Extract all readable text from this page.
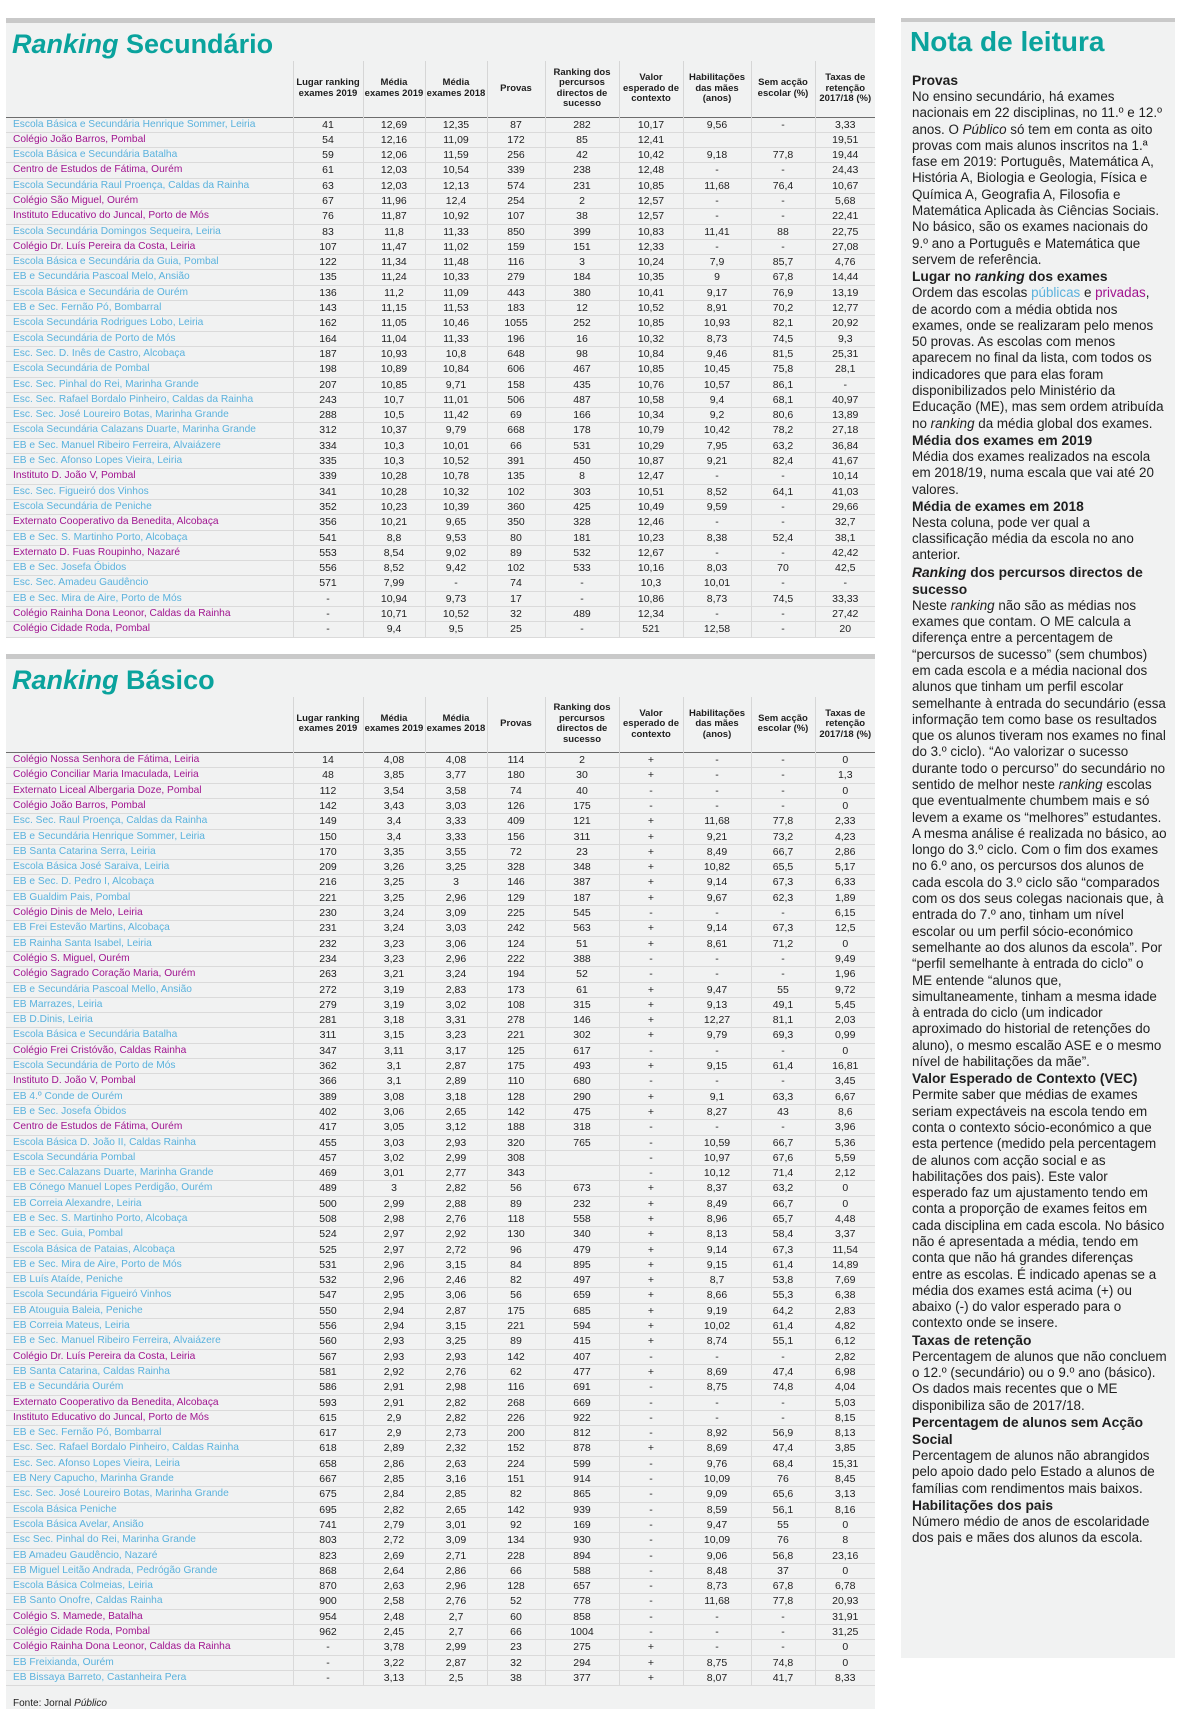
Ranking Secundário
	Lugar ranking exames 2019	Média exames 2019	Média exames 2018	Provas	Ranking dos percursos directos de sucesso	Valor esperado de contexto	Habilitações das mães (anos)	Sem acção escolar (%)	Taxas de retenção 2017/18 (%)
Escola Básica e Secundária Henrique Sommer, Leiria	41	12,69	12,35	87	282	10,17	9,56	-	3,33
Colégio João Barros, Pombal	54	12,16	11,09	172	85	12,41			19,51
Escola Básica e Secundária Batalha	59	12,06	11,59	256	42	10,42	9,18	77,8	19,44
Centro de Estudos de Fátima, Ourém	61	12,03	10,54	339	238	12,48	-	-	24,43
Escola Secundária Raul Proença, Caldas da Rainha	63	12,03	12,13	574	231	10,85	11,68	76,4	10,67
Colégio São Miguel, Ourém	67	11,96	12,4	254	2	12,57	-	-	5,68
Instituto Educativo do Juncal, Porto de Mós	76	11,87	10,92	107	38	12,57	-	-	22,41
Escola Secundária Domingos Sequeira, Leiria	83	11,8	11,33	850	399	10,83	11,41	88	22,75
Colégio Dr. Luís Pereira da Costa, Leiria	107	11,47	11,02	159	151	12,33	-	-	27,08
Escola Básica e Secundária da Guia, Pombal	122	11,34	11,48	116	3	10,24	7,9	85,7	4,76
EB e Secundária Pascoal Melo, Ansião	135	11,24	10,33	279	184	10,35	9	67,8	14,44
Escola Básica e Secundária de Ourém	136	11,2	11,09	443	380	10,41	9,17	76,9	13,19
EB e Sec. Fernão Pó, Bombarral	143	11,15	11,53	183	12	10,52	8,91	70,2	12,77
Escola Secundária Rodrigues Lobo, Leiria	162	11,05	10,46	1055	252	10,85	10,93	82,1	20,92
Escola Secundária de Porto de Mós	164	11,04	11,33	196	16	10,32	8,73	74,5	9,3
Esc. Sec. D. Inês de Castro, Alcobaça	187	10,93	10,8	648	98	10,84	9,46	81,5	25,31
Escola Secundária de Pombal	198	10,89	10,84	606	467	10,85	10,45	75,8	28,1
Esc. Sec. Pinhal do Rei, Marinha Grande	207	10,85	9,71	158	435	10,76	10,57	86,1	-
Esc. Sec. Rafael Bordalo Pinheiro, Caldas da Rainha	243	10,7	11,01	506	487	10,58	9,4	68,1	40,97
Esc. Sec. José Loureiro Botas, Marinha Grande	288	10,5	11,42	69	166	10,34	9,2	80,6	13,89
Escola Secundária Calazans Duarte, Marinha Grande	312	10,37	9,79	668	178	10,79	10,42	78,2	27,18
EB e Sec. Manuel Ribeiro Ferreira, Alvaiázere	334	10,3	10,01	66	531	10,29	7,95	63,2	36,84
EB e Sec. Afonso Lopes Vieira, Leiria	335	10,3	10,52	391	450	10,87	9,21	82,4	41,67
Instituto D. João V, Pombal	339	10,28	10,78	135	8	12,47	-	-	10,14
Esc. Sec. Figueiró dos Vinhos	341	10,28	10,32	102	303	10,51	8,52	64,1	41,03
Escola Secundária de Peniche	352	10,23	10,39	360	425	10,49	9,59	-	29,66
Externato Cooperativo da Benedita, Alcobaça	356	10,21	9,65	350	328	12,46	-	-	32,7
EB e Sec. S. Martinho Porto, Alcobaça	541	8,8	9,53	80	181	10,23	8,38	52,4	38,1
Externato D. Fuas Roupinho, Nazaré	553	8,54	9,02	89	532	12,67	-	-	42,42
EB e Sec. Josefa Óbidos	556	8,52	9,42	102	533	10,16	8,03	70	42,5
Esc. Sec. Amadeu Gaudêncio	571	7,99	-	74	-	10,3	10,01	-	-
EB e Sec. Mira de Aire, Porto de Mós	-	10,94	9,73	17	-	10,86	8,73	74,5	33,33
Colégio Rainha Dona Leonor, Caldas da Rainha	-	10,71	10,52	32	489	12,34	-	-	27,42
Colégio Cidade Roda, Pombal	-	9,4	9,5	25	-	521	12,58	-	20
Ranking Básico
	Lugar ranking exames 2019	Média exames 2019	Média exames 2018	Provas	Ranking dos percursos directos de sucesso	Valor esperado de contexto	Habilitações das mães (anos)	Sem acção escolar (%)	Taxas de retenção 2017/18 (%)
Colégio Nossa Senhora de Fátima, Leiria	14	4,08	4,08	114	2	+	-	-	0
Colégio Conciliar Maria Imaculada, Leiria	48	3,85	3,77	180	30	+	-	-	1,3
Externato Liceal Albergaria Doze, Pombal	112	3,54	3,58	74	40	-	-	-	0
Colégio João Barros, Pombal	142	3,43	3,03	126	175	-	-	-	0
Esc. Sec. Raul Proença, Caldas da Rainha	149	3,4	3,33	409	121	+	11,68	77,8	2,33
EB e Secundária Henrique Sommer, Leiria	150	3,4	3,33	156	311	+	9,21	73,2	4,23
EB Santa Catarina Serra, Leiria	170	3,35	3,55	72	23	+	8,49	66,7	2,86
Escola Básica José Saraiva, Leiria	209	3,26	3,25	328	348	+	10,82	65,5	5,17
EB e Sec. D. Pedro I, Alcobaça	216	3,25	3	146	387	+	9,14	67,3	6,33
EB Gualdim Pais, Pombal	221	3,25	2,96	129	187	+	9,67	62,3	1,89
Colégio Dinis de Melo, Leiria	230	3,24	3,09	225	545	-	-	-	6,15
EB Frei Estevão Martins, Alcobaça	231	3,24	3,03	242	563	+	9,14	67,3	12,5
EB Rainha Santa Isabel, Leiria	232	3,23	3,06	124	51	+	8,61	71,2	0
Colégio S. Miguel, Ourém	234	3,23	2,96	222	388	-	-	-	9,49
Colégio Sagrado Coração Maria, Ourém	263	3,21	3,24	194	52	-	-	-	1,96
EB e Secundária Pascoal Mello, Ansião	272	3,19	2,83	173	61	+	9,47	55	9,72
EB Marrazes, Leiria	279	3,19	3,02	108	315	+	9,13	49,1	5,45
EB D.Dinis, Leiria	281	3,18	3,31	278	146	+	12,27	81,1	2,03
Escola Básica e Secundária Batalha	311	3,15	3,23	221	302	+	9,79	69,3	0,99
Colégio Frei Cristóvão, Caldas Rainha	347	3,11	3,17	125	617	-	-	-	0
Escola Secundária de Porto de Mós	362	3,1	2,87	175	493	+	9,15	61,4	16,81
Instituto D. João V, Pombal	366	3,1	2,89	110	680	-	-	-	3,45
EB 4.º Conde de Ourém	389	3,08	3,18	128	290	+	9,1	63,3	6,67
EB e Sec. Josefa Óbidos	402	3,06	2,65	142	475	+	8,27	43	8,6
Centro de Estudos de Fátima, Ourém	417	3,05	3,12	188	318	-	-	-	3,96
Escola Básica D. João II, Caldas Rainha	455	3,03	2,93	320	765	-	10,59	66,7	5,36
Escola Secundária Pombal	457	3,02	2,99	308		-	10,97	67,6	5,59
EB e Sec.Calazans Duarte, Marinha Grande	469	3,01	2,77	343		-	10,12	71,4	2,12
EB Cónego Manuel Lopes Perdigão, Ourém	489	3	2,82	56	673	+	8,37	63,2	0
EB Correia Alexandre, Leiria	500	2,99	2,88	89	232	+	8,49	66,7	0
EB e Sec. S. Martinho Porto, Alcobaça	508	2,98	2,76	118	558	+	8,96	65,7	4,48
EB e Sec. Guia, Pombal	524	2,97	2,92	130	340	+	8,13	58,4	3,37
Escola Básica de Pataias, Alcobaça	525	2,97	2,72	96	479	+	9,14	67,3	11,54
EB e Sec. Mira de Aire, Porto de Mós	531	2,96	3,15	84	895	+	9,15	61,4	14,89
EB Luís Ataíde, Peniche	532	2,96	2,46	82	497	+	8,7	53,8	7,69
Escola Secundária Figueiró Vinhos	547	2,95	3,06	56	659	+	8,66	55,3	6,38
EB Atouguia Baleia, Peniche	550	2,94	2,87	175	685	+	9,19	64,2	2,83
EB Correia Mateus, Leiria	556	2,94	3,15	221	594	+	10,02	61,4	4,82
EB e Sec. Manuel Ribeiro Ferreira, Alvaiázere	560	2,93	3,25	89	415	+	8,74	55,1	6,12
Colégio Dr. Luís Pereira da Costa, Leiria	567	2,93	2,93	142	407	-	-	-	2,82
EB Santa Catarina, Caldas Rainha	581	2,92	2,76	62	477	+	8,69	47,4	6,98
EB e Secundária Ourém	586	2,91	2,98	116	691	-	8,75	74,8	4,04
Externato Cooperativo da Benedita, Alcobaça	593	2,91	2,82	268	669	-	-	-	5,03
Instituto Educativo do Juncal, Porto de Mós	615	2,9	2,82	226	922	-	-	-	8,15
EB e Sec. Fernão Pó, Bombarral	617	2,9	2,73	200	812	-	8,92	56,9	8,13
Esc. Sec. Rafael Bordalo Pinheiro, Caldas Rainha	618	2,89	2,32	152	878	+	8,69	47,4	3,85
Esc. Sec. Afonso Lopes Vieira, Leiria	658	2,86	2,63	224	599	-	9,76	68,4	15,31
EB Nery Capucho, Marinha Grande	667	2,85	3,16	151	914	-	10,09	76	8,45
Esc. Sec. José Loureiro Botas, Marinha Grande	675	2,84	2,85	82	865	-	9,09	65,6	3,13
Escola Básica Peniche	695	2,82	2,65	142	939	-	8,59	56,1	8,16
Escola Básica Avelar, Ansião	741	2,79	3,01	92	169	-	9,47	55	0
Esc Sec. Pinhal do Rei, Marinha Grande	803	2,72	3,09	134	930	-	10,09	76	8
EB Amadeu Gaudêncio, Nazaré	823	2,69	2,71	228	894	-	9,06	56,8	23,16
EB Miguel Leitão Andrada, Pedrógão Grande	868	2,64	2,86	66	588	-	8,48	37	0
Escola Básica Colmeias, Leiria	870	2,63	2,96	128	657	-	8,73	67,8	6,78
EB Santo Onofre, Caldas Rainha	900	2,58	2,76	52	778	-	11,68	77,8	20,93
Colégio S. Mamede, Batalha	954	2,48	2,7	60	858	-	-	-	31,91
Colégio Cidade Roda, Pombal	962	2,45	2,7	66	1004	-	-	-	31,25
Colégio Rainha Dona Leonor, Caldas da Rainha	-	3,78	2,99	23	275	+	-	-	0
EB Freixianda, Ourém	-	3,22	2,87	32	294	+	8,75	74,8	0
EB Bissaya Barreto, Castanheira Pera	-	3,13	2,5	38	377	+	8,07	41,7	8,33
Fonte: Jornal Público
Nota de leitura
Provas

No ensino secundário, há exames nacionais em 22 disciplinas, no 11.º e 12.º anos. O Público só tem em conta as oito provas com mais alunos inscritos na 1.ª fase em 2019: Português, Matemática A, História A, Biologia e Geologia, Física e Química A, Geografia A, Filosofia e Matemática Aplicada às Ciências Sociais. No básico, são os exames nacionais do 9.º ano a Português e Matemática que servem de referência.

Lugar no ranking dos exames

Ordem das escolas públicas e privadas, de acordo com a média obtida nos exames, onde se realizaram pelo menos 50 provas. As escolas com menos aparecem no final da lista, com todos os indicadores que para elas foram disponibilizados pelo Ministério da Educação (ME), mas sem ordem atribuída no ranking da média global dos exames.

Média dos exames em 2019

Média dos exames realizados na escola em 2018/19, numa escala que vai até 20 valores.

Média de exames em 2018

Nesta coluna, pode ver qual a classificação média da escola no ano anterior.

Ranking dos percursos directos de sucesso

Neste ranking não são as médias nos exames que contam. O ME calcula a diferença entre a percentagem de “percursos de sucesso” (sem chumbos) em cada escola e a média nacional dos alunos que tinham um perfil escolar semelhante à entrada do secundário (essa informação tem como base os resultados que os alunos tiveram nos exames no final do 3.º ciclo). “Ao valorizar o sucesso durante todo o percurso” do secundário no sentido de melhor neste ranking escolas que eventualmente chumbem mais e só levem a exame os “melhores” estudantes. A mesma análise é realizada no básico, ao longo do 3.º ciclo. Com o fim dos exames no 6.º ano, os percursos dos alunos de cada escola do 3.º ciclo são “comparados com os dos seus colegas nacionais que, à entrada do 7.º ano, tinham um nível escolar ou um perfil sócio-económico semelhante ao dos alunos da escola”. Por “perfil semelhante à entrada do ciclo” o ME entende “alunos que, simultaneamente, tinham a mesma idade à entrada do ciclo (um indicador aproximado do historial de retenções do aluno), o mesmo escalão ASE e o mesmo nível de habilitações da mãe”.

Valor Esperado de Contexto (VEC)

Permite saber que médias de exames seriam expectáveis na escola tendo em conta o contexto sócio-económico a que esta pertence (medido pela percentagem de alunos com acção social e as habilitações dos pais). Este valor esperado faz um ajustamento tendo em conta a proporção de exames feitos em cada disciplina em cada escola. No básico não é apresentada a média, tendo em conta que não há grandes diferenças entre as escolas. É indicado apenas se a média dos exames está acima (+) ou abaixo (-) do valor esperado para o contexto onde se insere.

Taxas de retenção

Percentagem de alunos que não concluem o 12.º (secundário) ou o 9.º ano (básico). Os dados mais recentes que o ME disponibiliza são de 2017/18.

Percentagem de alunos sem Acção Social

Percentagem de alunos não abrangidos pelo apoio dado pelo Estado a alunos de famílias com rendimentos mais baixos.

Habilitações dos pais

Número médio de anos de escolaridade dos pais e mães dos alunos da escola.
